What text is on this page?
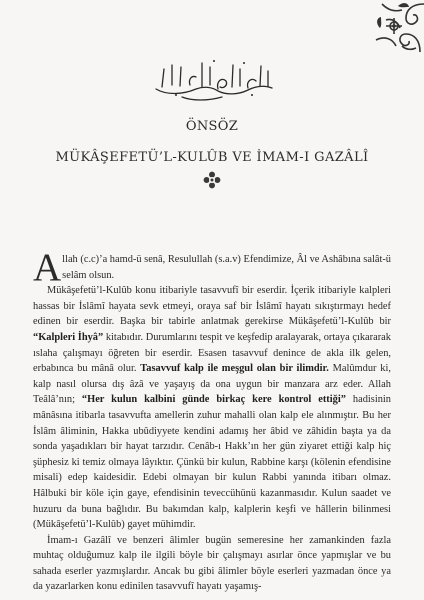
ÖNSÖZ
MÜKÂŞEFETÜ’L-KULÛB VE İMAM-I GAZÂLÎ

Allah (c.c)’a hamd-ü senâ, Resulullah (s.a.v) Efendimize, Âl ve Ashâbına salât-ü selâm olsun.

Mükâşefetü’l-Kulûb konu itibariyle tasavvufî bir eserdir. İçerik itibariyle kalpleri hassas bir İslâmî hayata sevk etmeyi, oraya saf bir İslâmî hayatı sıkıştırmayı hedef edinen bir eserdir. Başka bir tabirle anlatmak gerekirse Mükâşefetü’l-Kulûb bir “Kalpleri İhyâ” kitabıdır. Durumlarını tespit ve keşfedip aralayarak, ortaya çıkararak ıslaha çalışmayı öğreten bir eserdir. Esasen tasavvuf denince de akla ilk gelen, erbabınca bu mânâ olur. Tasavvuf kalp ile meşgul olan bir ilimdir. Malûmdur ki, kalp nasıl olursa dış âzâ ve yaşayış da ona uygun bir manzara arz eder. Allah Teâlâ’nın; “Her kulun kalbini günde birkaç kere kontrol ettiği” hadisinin mânâsına itibarla tasavvufta amellerin zuhur mahalli olan kalp ele alınmıştır. Bu her İslâm âliminin, Hakka ubûdiyyete kendini adamış her âbid ve zâhidin başta ya da sonda yaşadıkları bir hayat tarzıdır. Cenâb-ı Hakk’ın her gün ziyaret ettiği kalp hiç şüphesiz ki temiz olmaya lâyıktır. Çünkü bir kulun, Rabbine karşı (kölenin efendisine misali) edep kaidesidir. Edebi olmayan bir kulun Rabbi yanında itibarı olmaz. Hâlbuki bir köle için gaye, efendisinin teveccühünü kazanmasıdır. Kulun saadet ve huzuru da buna bağlıdır. Bu bakımdan kalp, kalplerin keşfi ve hâllerin bilinmesi (Mükâşefetü’l-Kulûb) gayet mühimdir.

İmam-ı Gazâlî ve benzeri âlimler bugün semeresine her zamankinden fazla muhtaç olduğumuz kalp ile ilgili böyle bir çalışmayı asırlar önce yapmışlar ve bu sahada eserler yazmışlardır. Ancak bu gibi âlimler böyle eserleri yazmadan önce ya da yazarlarken konu edinilen tasavvufî hayatı yaşamış-
